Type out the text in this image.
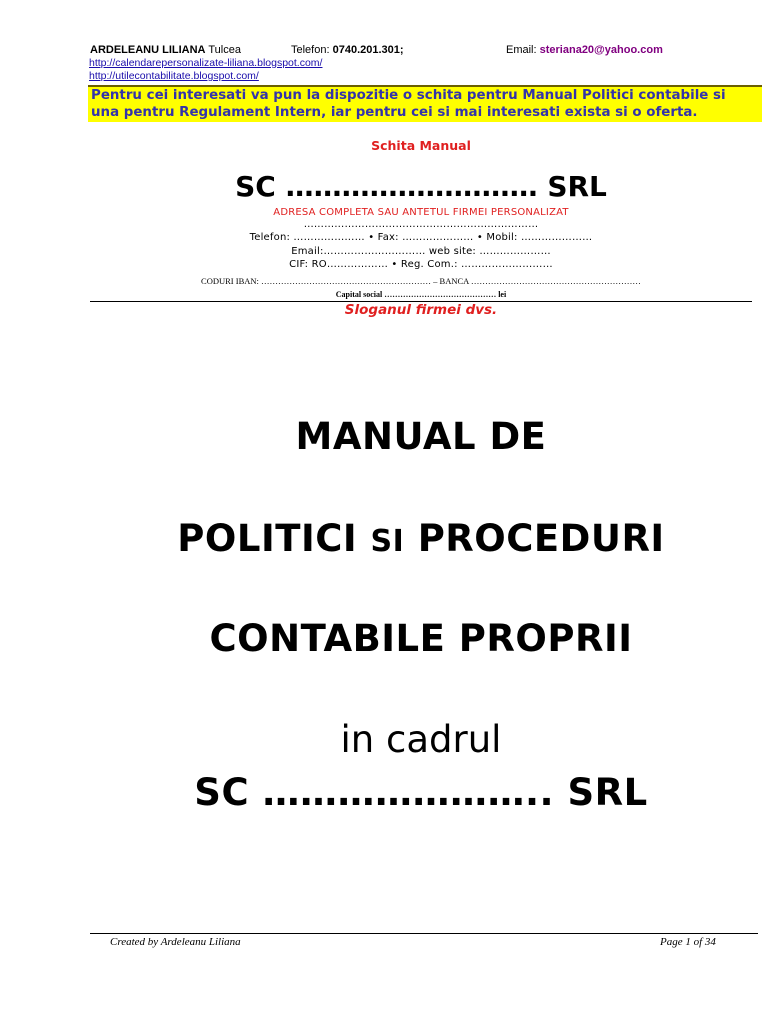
ARDELEANU LILIANA Tulcea	Telefon: 0740.201.301;	Email: steriana20@yahoo.com
http://calendarepersonalizate-liliana.blogspot.com/
http://utilecontabilitate.blogspot.com/
Pentru cei interesati va pun la dispozitie o schita pentru Manual Politici contabile si
una pentru Regulament Intern, iar pentru cei si mai interesati exista si o oferta.
Schita Manual
SC ……………………… SRL
ADRESA COMPLETA SAU ANTETUL FIRMEI PERSONALIZAT
……………………………………………………………
Telefon: ………………… • Fax: ………………… • Mobil: …………………
Email:………………………… web site: …………………
CIF: RO……………… • Reg. Com.: ………………………
CODURI IBAN: …………………………………………………… – BANCA ……………………………………………………
Capital social …………………………………… lei
Sloganul firmei dvs.
MANUAL DE
POLITICI SI PROCEDURI
CONTABILE PROPRII
in cadrul
SC ………………….. SRL
Created by Ardeleanu Liliana	Page 1 of 34
